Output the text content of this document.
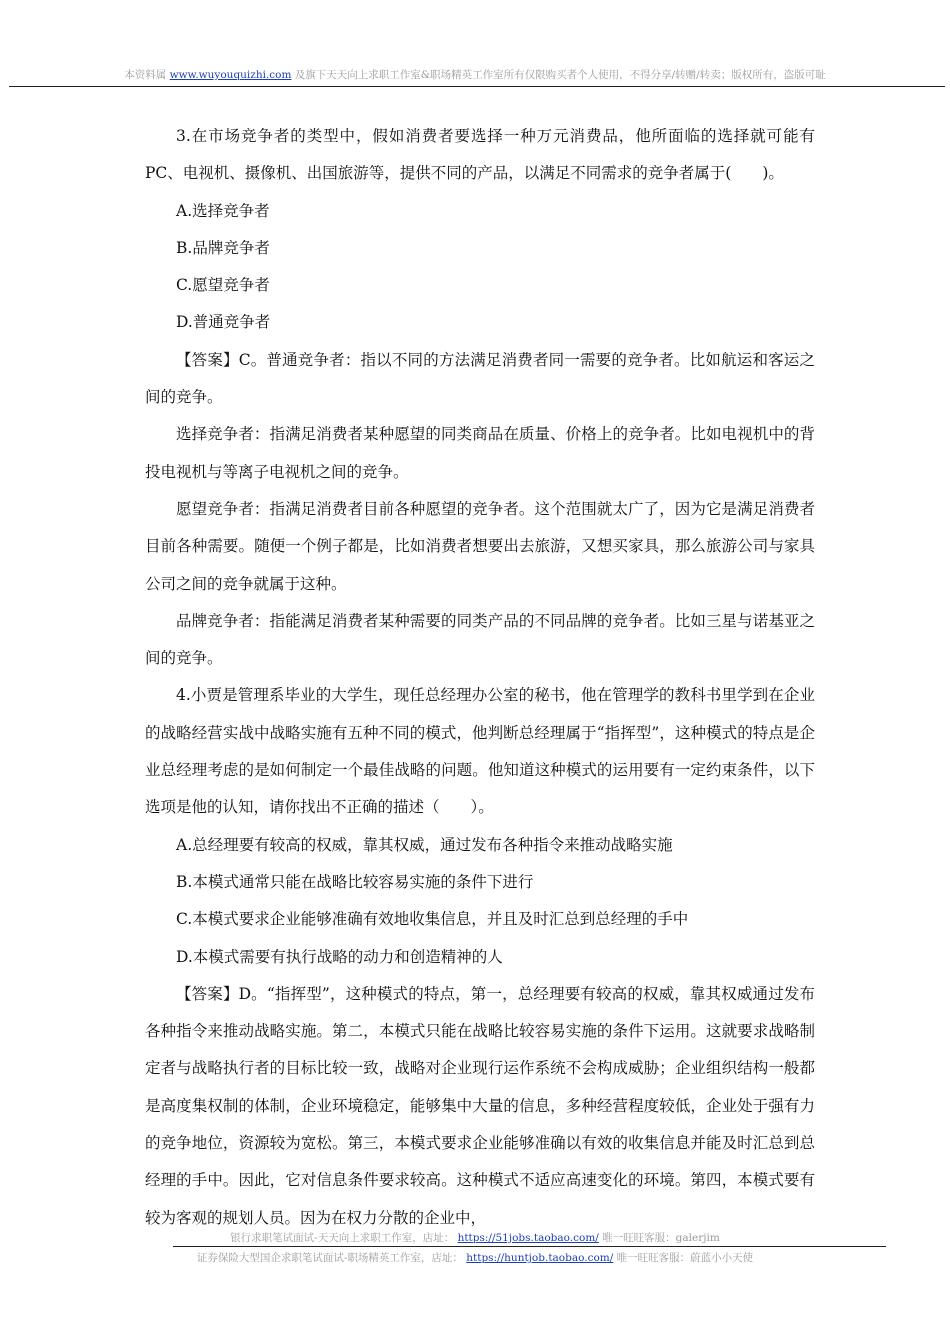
本资料属 www.wuyouquizhi.com 及旗下天天向上求职工作室&职场精英工作室所有仅限购买者个人使用，不得分享/转赠/转卖；版权所有，盗版可耻

3.在市场竞争者的类型中，假如消费者要选择一种万元消费品，他所面临的选择就可能有PC、电视机、摄像机、出国旅游等，提供不同的产品，以满足不同需求的竞争者属于(　　)。

A.选择竞争者

B.品牌竞争者

C.愿望竞争者

D.普通竞争者

【答案】C。普通竞争者：指以不同的方法满足消费者同一需要的竞争者。比如航运和客运之间的竞争。

选择竞争者：指满足消费者某种愿望的同类商品在质量、价格上的竞争者。比如电视机中的背投电视机与等离子电视机之间的竞争。

愿望竞争者：指满足消费者目前各种愿望的竞争者。这个范围就太广了，因为它是满足消费者目前各种需要。随便一个例子都是，比如消费者想要出去旅游，又想买家具，那么旅游公司与家具公司之间的竞争就属于这种。

品牌竞争者：指能满足消费者某种需要的同类产品的不同品牌的竞争者。比如三星与诺基亚之间的竞争。

4.小贾是管理系毕业的大学生，现任总经理办公室的秘书，他在管理学的教科书里学到在企业的战略经营实战中战略实施有五种不同的模式，他判断总经理属于“指挥型”，这种模式的特点是企业总经理考虑的是如何制定一个最佳战略的问题。他知道这种模式的运用要有一定约束条件，以下选项是他的认知，请你找出不正确的描述（　　）。

A.总经理要有较高的权威，靠其权威，通过发布各种指令来推动战略实施

B.本模式通常只能在战略比较容易实施的条件下进行

C.本模式要求企业能够准确有效地收集信息，并且及时汇总到总经理的手中

D.本模式需要有执行战略的动力和创造精神的人

【答案】D。“指挥型”，这种模式的特点，第一，总经理要有较高的权威，靠其权威通过发布各种指令来推动战略实施。第二，本模式只能在战略比较容易实施的条件下运用。这就要求战略制定者与战略执行者的目标比较一致，战略对企业现行运作系统不会构成威胁；企业组织结构一般都是高度集权制的体制，企业环境稳定，能够集中大量的信息，多种经营程度较低，企业处于强有力的竞争地位，资源较为宽松。第三，本模式要求企业能够准确以有效的收集信息并能及时汇总到总经理的手中。因此，它对信息条件要求较高。这种模式不适应高速变化的环境。第四，本模式要有较为客观的规划人员。因为在权力分散的企业中，

银行求职笔试面试-天天向上求职工作室，店址： https://51jobs.taobao.com/ 唯一旺旺客服：galerjim
证券保险大型国企求职笔试面试-职场精英工作室，店址： https://huntjob.taobao.com/ 唯一旺旺客服：蔚蓝小小天使
